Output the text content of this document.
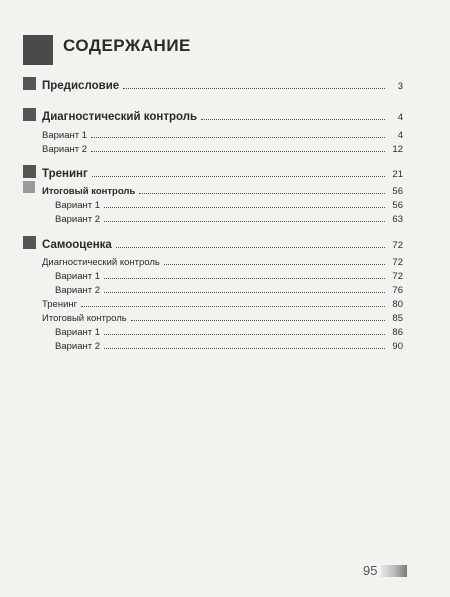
СОДЕРЖАНИЕ
Предисловие	3
Диагностический контроль	4
Вариант 1	4
Вариант 2	12
Тренинг	21
Итоговый контроль	56
Вариант 1	56
Вариант 2	63
Самооценка	72
Диагностический контроль	72
Вариант 1	72
Вариант 2	76
Тренинг	80
Итоговый контроль	85
Вариант 1	86
Вариант 2	90
95
